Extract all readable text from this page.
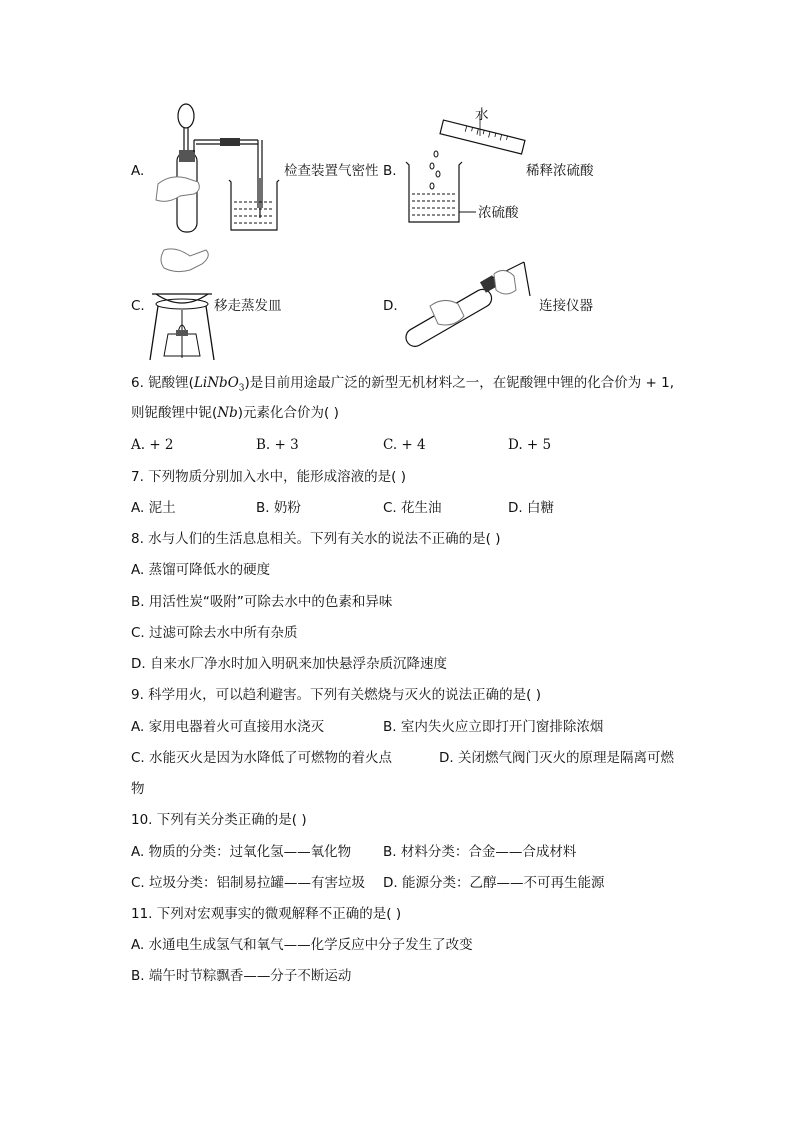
A.	检查装置气密性 B.
水
浓硫酸
稀释浓硫酸
C.	移走蒸发皿	D.	连接仪器
6. 铌酸锂(LiNbO$_3$)是目前用途最广泛的新型无机材料之一，在铌酸锂中锂的化合价为 + 1,
则铌酸锂中铌(Nb)元素化合价为( )
A. + 2	B. + 3	C. + 4	D. + 5
7. 下列物质分别加入水中，能形成溶液的是( )
A. 泥土	B. 奶粉	C. 花生油	D. 白糖
8. 水与人们的生活息息相关。下列有关水的说法不正确的是( )
A. 蒸馏可降低水的硬度
B. 用活性炭“吸附”可除去水中的色素和异味
C. 过滤可除去水中所有杂质
D. 自来水厂净水时加入明矾来加快悬浮杂质沉降速度
9. 科学用火，可以趋利避害。下列有关燃烧与灭火的说法正确的是( )
A. 家用电器着火可直接用水浇灭	B. 室内失火应立即打开门窗排除浓烟
C. 水能灭火是因为水降低了可燃物的着火点	D. 关闭燃气阀门灭火的原理是隔离可燃
物
10. 下列有关分类正确的是( )
A. 物质的分类：过氧化氢——氧化物 B. 材料分类：合金——合成材料
C. 垃圾分类：铝制易拉罐——有害垃圾 D. 能源分类：乙醇——不可再生能源
11. 下列对宏观事实的微观解释不正确的是( )
A. 水通电生成氢气和氧气——化学反应中分子发生了改变
B. 端午时节粽飘香——分子不断运动
